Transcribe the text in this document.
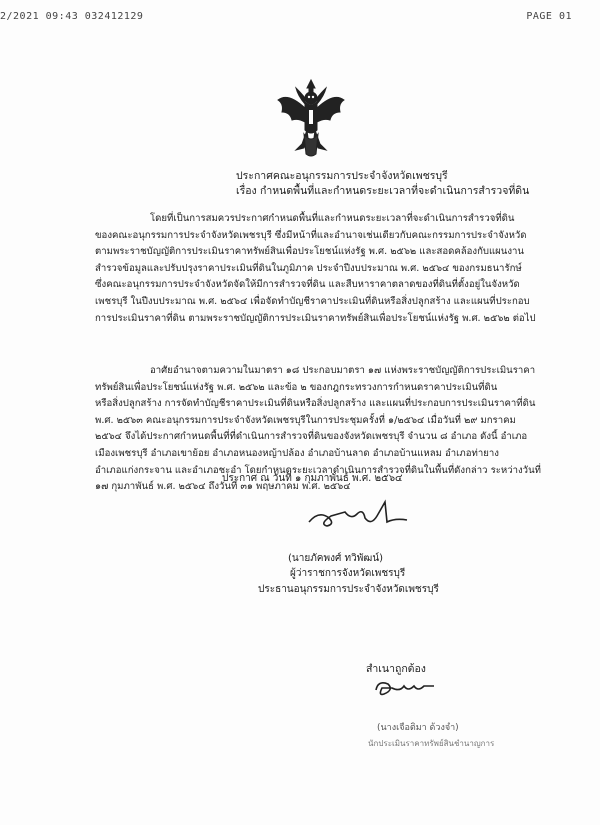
2/2021 09:43 032412129	PAGE 01
ประกาศคณะอนุกรรมการประจำจังหวัดเพชรบุรี
เรื่อง กำหนดพื้นที่และกำหนดระยะเวลาที่จะดำเนินการสำรวจที่ดิน
โดยที่เป็นการสมควรประกาศกำหนดพื้นที่และกำหนดระยะเวลาที่จะดำเนินการสำรวจที่ดิน
ของคณะอนุกรรมการประจำจังหวัดเพชรบุรี ซึ่งมีหน้าที่และอำนาจเช่นเดียวกับคณะกรรมการประจำจังหวัด
ตามพระราชบัญญัติการประเมินราคาทรัพย์สินเพื่อประโยชน์แห่งรัฐ พ.ศ. ๒๕๖๒ และสอดคล้องกับแผนงาน
สำรวจข้อมูลและปรับปรุงราคาประเมินที่ดินในภูมิภาค ประจำปีงบประมาณ พ.ศ. ๒๕๖๔ ของกรมธนารักษ์
ซึ่งคณะอนุกรรมการประจำจังหวัดจัดให้มีการสำรวจที่ดิน และสืบหาราคาตลาดของที่ดินที่ตั้งอยู่ในจังหวัด
เพชรบุรี ในปีงบประมาณ พ.ศ. ๒๕๖๔ เพื่อจัดทำบัญชีราคาประเมินที่ดินหรือสิ่งปลูกสร้าง และแผนที่ประกอบ
การประเมินราคาที่ดิน ตามพระราชบัญญัติการประเมินราคาทรัพย์สินเพื่อประโยชน์แห่งรัฐ พ.ศ. ๒๕๖๒ ต่อไป
อาศัยอำนาจตามความในมาตรา ๑๘ ประกอบมาตรา ๑๗ แห่งพระราชบัญญัติการประเมินราคา
ทรัพย์สินเพื่อประโยชน์แห่งรัฐ พ.ศ. ๒๕๖๒ และข้อ ๒ ของกฎกระทรวงการกำหนดราคาประเมินที่ดิน
หรือสิ่งปลูกสร้าง การจัดทำบัญชีราคาประเมินที่ดินหรือสิ่งปลูกสร้าง และแผนที่ประกอบการประเมินราคาที่ดิน
พ.ศ. ๒๕๖๓ คณะอนุกรรมการประจำจังหวัดเพชรบุรีในการประชุมครั้งที่ ๑/๒๕๖๔ เมื่อวันที่ ๒๙ มกราคม
๒๕๖๔ จึงได้ประกาศกำหนดพื้นที่ที่ดำเนินการสำรวจที่ดินของจังหวัดเพชรบุรี จำนวน ๘ อำเภอ ดังนี้ อำเภอ
เมืองเพชรบุรี อำเภอเขาย้อย อำเภอหนองหญ้าปล้อง อำเภอบ้านลาด อำเภอบ้านแหลม อำเภอท่ายาง
อำเภอแก่งกระจาน และอำเภอชะอำ โดยกำหนดระยะเวลาดำเนินการสำรวจที่ดินในพื้นที่ดังกล่าว ระหว่างวันที่
๑๗ กุมภาพันธ์ พ.ศ. ๒๕๖๔ ถึงวันที่ ๓๑ พฤษภาคม พ.ศ. ๒๕๖๔
ประกาศ ณ วันที่ ๑ กุมภาพันธ์ พ.ศ. ๒๕๖๔
(นายภัคพงศ์ ทวิพัฒน์)
ผู้ว่าราชการจังหวัดเพชรบุรี
ประธานอนุกรรมการประจำจังหวัดเพชรบุรี
สำเนาถูกต้อง
(นางเจือติมา ด้วงจำ)
นักประเมินราคาทรัพย์สินชำนาญการ
